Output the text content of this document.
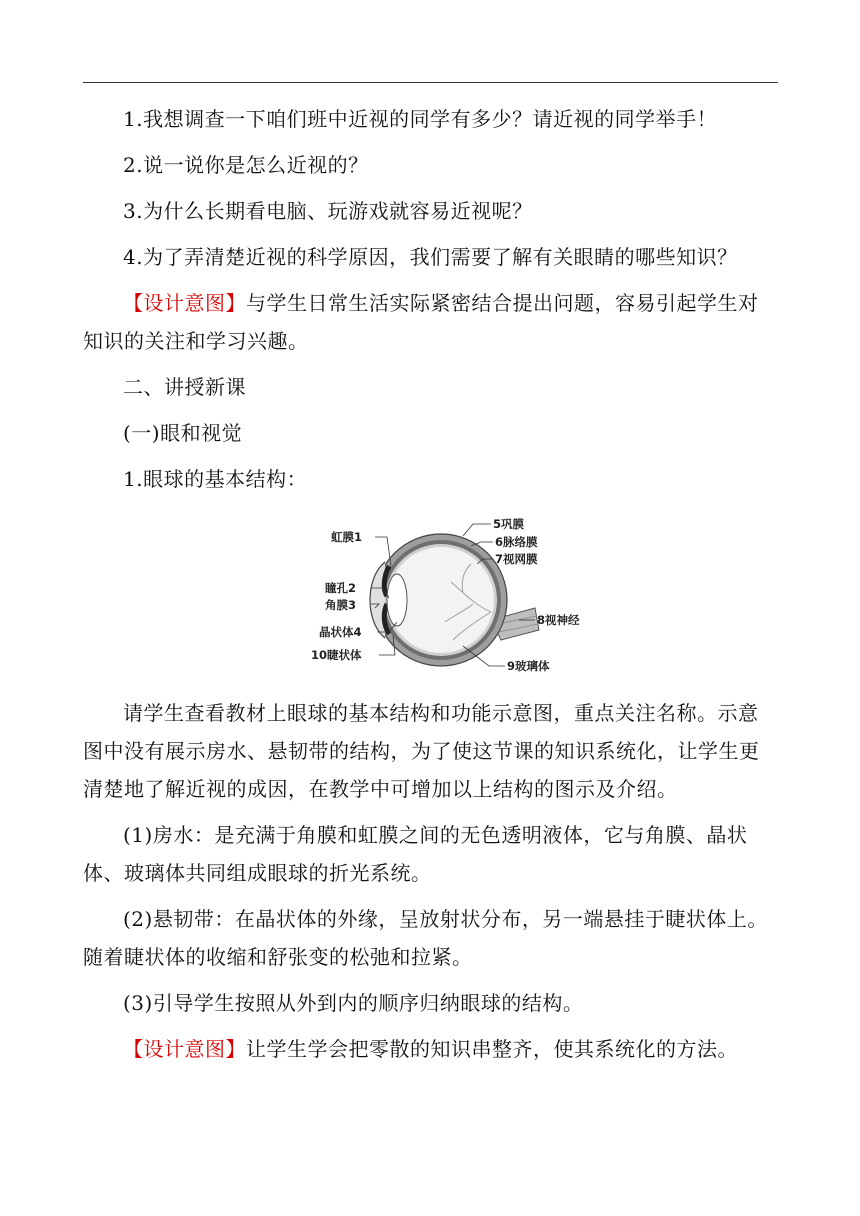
1.我想调查一下咱们班中近视的同学有多少？请近视的同学举手！

2.说一说你是怎么近视的？

3.为什么长期看电脑、玩游戏就容易近视呢？

4.为了弄清楚近视的科学原因，我们需要了解有关眼睛的哪些知识？

【设计意图】与学生日常生活实际紧密结合提出问题，容易引起学生对知识的关注和学习兴趣。

二、讲授新课

(一)眼和视觉

1.眼球的基本结构：

虹膜1
瞳孔2
角膜3
晶状体4
10睫状体
5巩膜
6脉络膜
7视网膜
8视神经
9玻璃体

请学生查看教材上眼球的基本结构和功能示意图，重点关注名称。示意图中没有展示房水、悬韧带的结构，为了使这节课的知识系统化，让学生更清楚地了解近视的成因，在教学中可增加以上结构的图示及介绍。

(1)房水：是充满于角膜和虹膜之间的无色透明液体，它与角膜、晶状体、玻璃体共同组成眼球的折光系统。

(2)悬韧带：在晶状体的外缘，呈放射状分布，另一端悬挂于睫状体上。随着睫状体的收缩和舒张变的松弛和拉紧。

(3)引导学生按照从外到内的顺序归纳眼球的结构。

【设计意图】让学生学会把零散的知识串整齐，使其系统化的方法。
